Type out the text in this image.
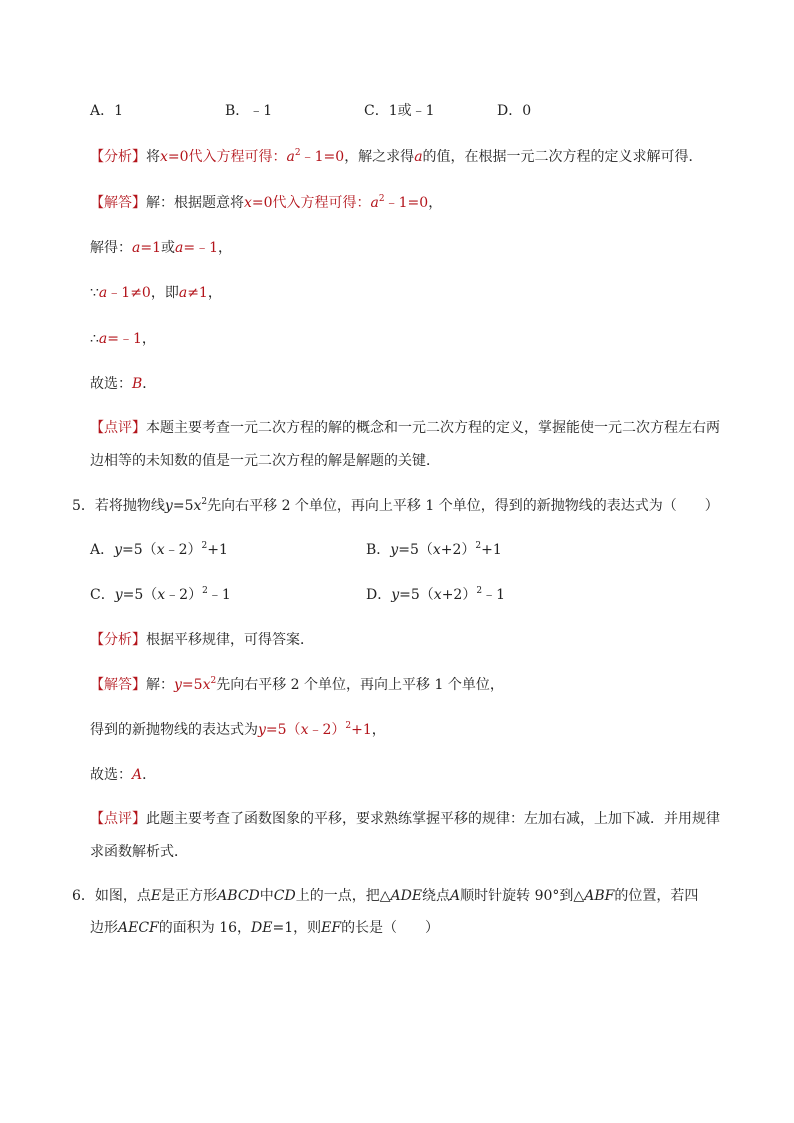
A．1	B．﹣1	C．1或﹣1	D．0
【分析】将x=0代入方程可得：$a^2﹣1=0$，解之求得a的值，在根据一元二次方程的定义求解可得．
【解答】解：根据题意将x=0代入方程可得：$a^2﹣1=0$，
解得：a=1或a=﹣1，
∵a﹣1≠0，即a≠1，
∴a=﹣1，
故选：B．
【点评】本题主要考查一元二次方程的解的概念和一元二次方程的定义，掌握能使一元二次方程左右两
边相等的未知数的值是一元二次方程的解是解题的关键．
5．若将抛物线$y=5x^2$先向右平移 2 个单位，再向上平移 1 个单位，得到的新抛物线的表达式为（　　）
A．y=5（x﹣2）$^2$+1	B．$y=5(x+2)^2+1$
C．y=5（x﹣2）$^2$﹣1	D．$y=5(x+2)^2﹣1$
【分析】根据平移规律，可得答案．
【解答】解：$y=5x^2$先向右平移 2 个单位，再向上平移 1 个单位，
得到的新抛物线的表达式为y=5（x﹣2）$^2$+1，
故选：A．
【点评】此题主要考查了函数图象的平移，要求熟练掌握平移的规律：左加右减，上加下减．并用规律
求函数解析式．
6．如图，点E是正方形ABCD中CD上的一点，把△ADE绕点A顺时针旋转 90°到△ABF的位置，若四
边形AECF的面积为 16，DE=1，则EF的长是（　　）
